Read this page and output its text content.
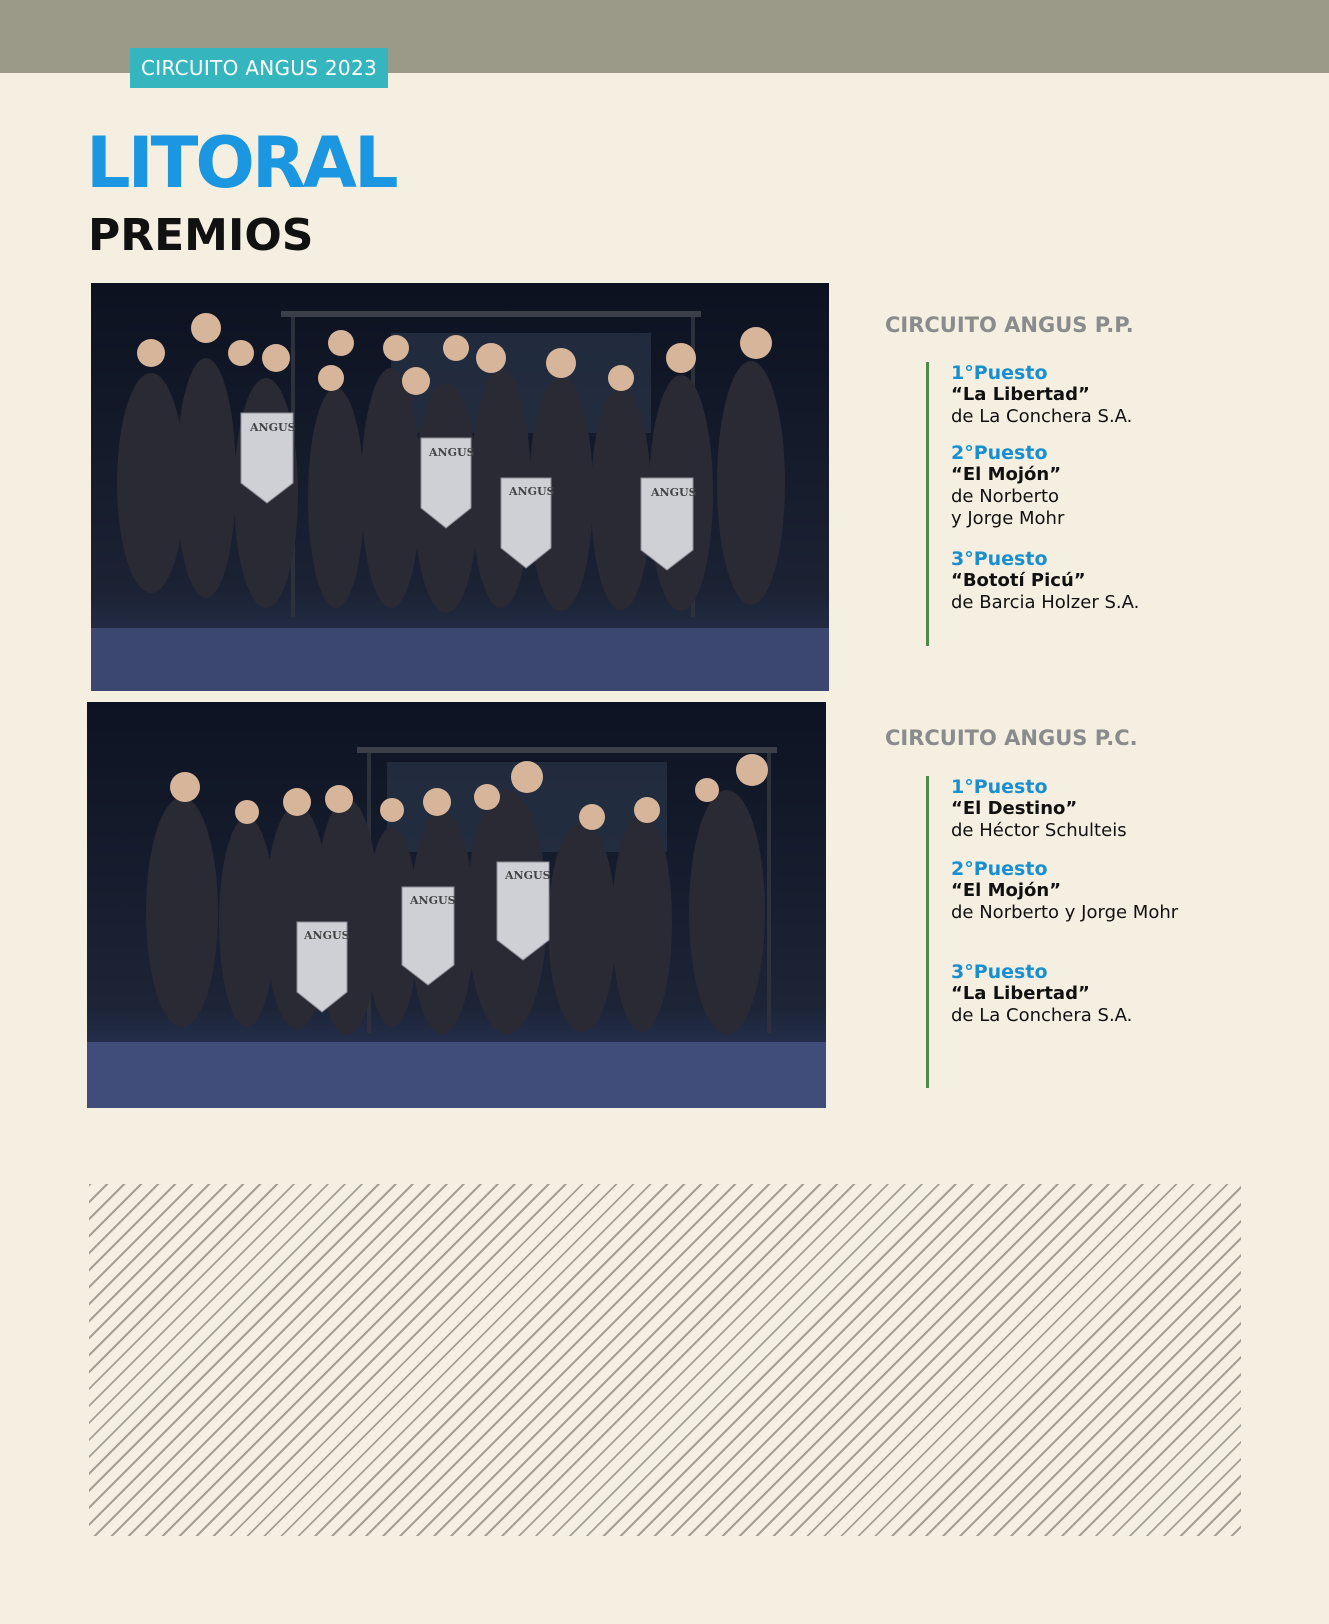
CIRCUITO ANGUS 2023
LITORAL
PREMIOS
ANGUS
ANGUS
ANGUS	ANGUS
ANGUS
ANGUS
ANGUS
CIRCUITO ANGUS P.P.

1°Puesto

“La Libertad”

de La Conchera S.A.

2°Puesto

“El Mojón”

de Norberto

y Jorge Mohr

3°Puesto

“Bototí Picú”

de Barcia Holzer S.A.

CIRCUITO ANGUS P.C.

1°Puesto

“El Destino”

de Héctor Schulteis

2°Puesto

“El Mojón”

de Norberto y Jorge Mohr

3°Puesto

“La Libertad”

de La Conchera S.A.
